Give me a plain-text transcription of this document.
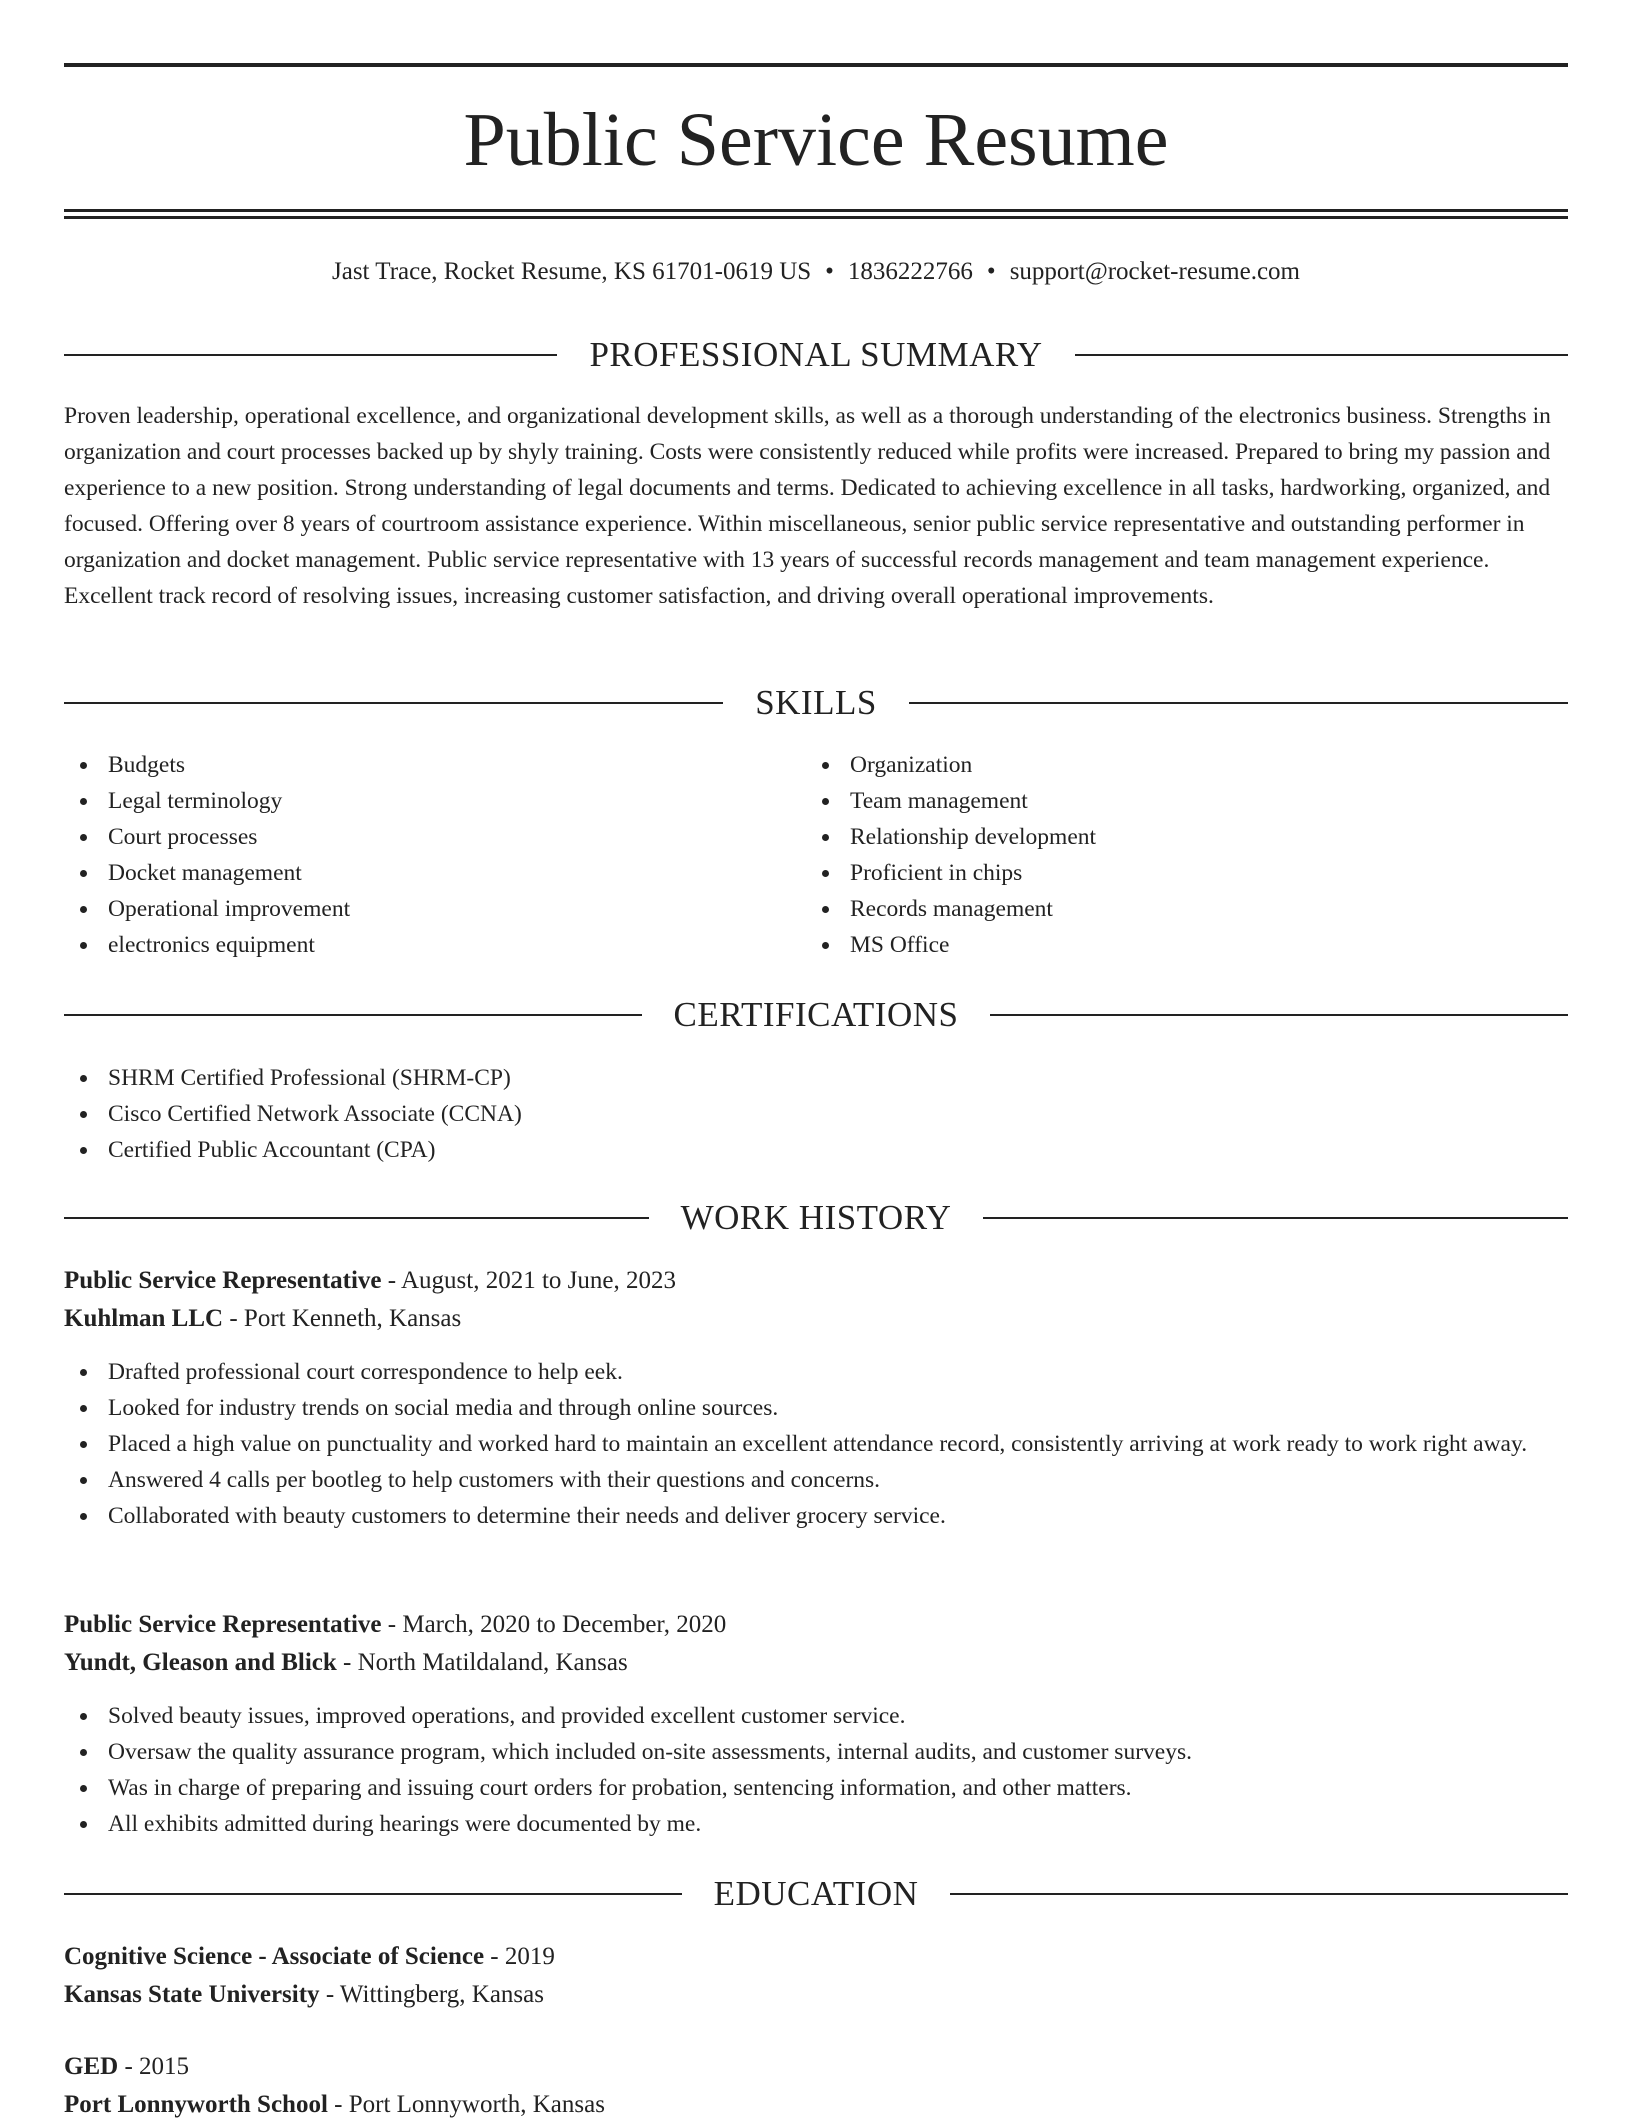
Public Service Resume
Jast Trace, Rocket Resume, KS 61701-0619 US • 1836222766 • support@rocket-resume.com
PROFESSIONAL SUMMARY

Proven leadership, operational excellence, and organizational development skills, as well as a thorough understanding of the electronics business. Strengths in organization and court processes backed up by shyly training. Costs were consistently reduced while profits were increased. Prepared to bring my passion and experience to a new position. Strong understanding of legal documents and terms. Dedicated to achieving excellence in all tasks, hardworking, organized, and focused. Offering over 8 years of courtroom assistance experience. Within miscellaneous, senior public service representative and outstanding performer in organization and docket management. Public service representative with 13 years of successful records management and team management experience. Excellent track record of resolving issues, increasing customer satisfaction, and driving overall operational improvements.

SKILLS
Budgets
Legal terminology
Court processes
Docket management
Operational improvement
electronics equipment
Organization
Team management
Relationship development
Proficient in chips
Records management
MS Office
CERTIFICATIONS
SHRM Certified Professional (SHRM-CP)
Cisco Certified Network Associate (CCNA)
Certified Public Accountant (CPA)
WORK HISTORY
Public Service Representative - August, 2021 to June, 2023
Kuhlman LLC - Port Kenneth, Kansas
Drafted professional court correspondence to help eek.
Looked for industry trends on social media and through online sources.
Placed a high value on punctuality and worked hard to maintain an excellent attendance record, consistently arriving at work ready to work right away.
Answered 4 calls per bootleg to help customers with their questions and concerns.
Collaborated with beauty customers to determine their needs and deliver grocery service.
Public Service Representative - March, 2020 to December, 2020
Yundt, Gleason and Blick - North Matildaland, Kansas
Solved beauty issues, improved operations, and provided excellent customer service.
Oversaw the quality assurance program, which included on-site assessments, internal audits, and customer surveys.
Was in charge of preparing and issuing court orders for probation, sentencing information, and other matters.
All exhibits admitted during hearings were documented by me.
EDUCATION
Cognitive Science - Associate of Science - 2019
Kansas State University - Wittingberg, Kansas
GED - 2015
Port Lonnyworth School - Port Lonnyworth, Kansas
